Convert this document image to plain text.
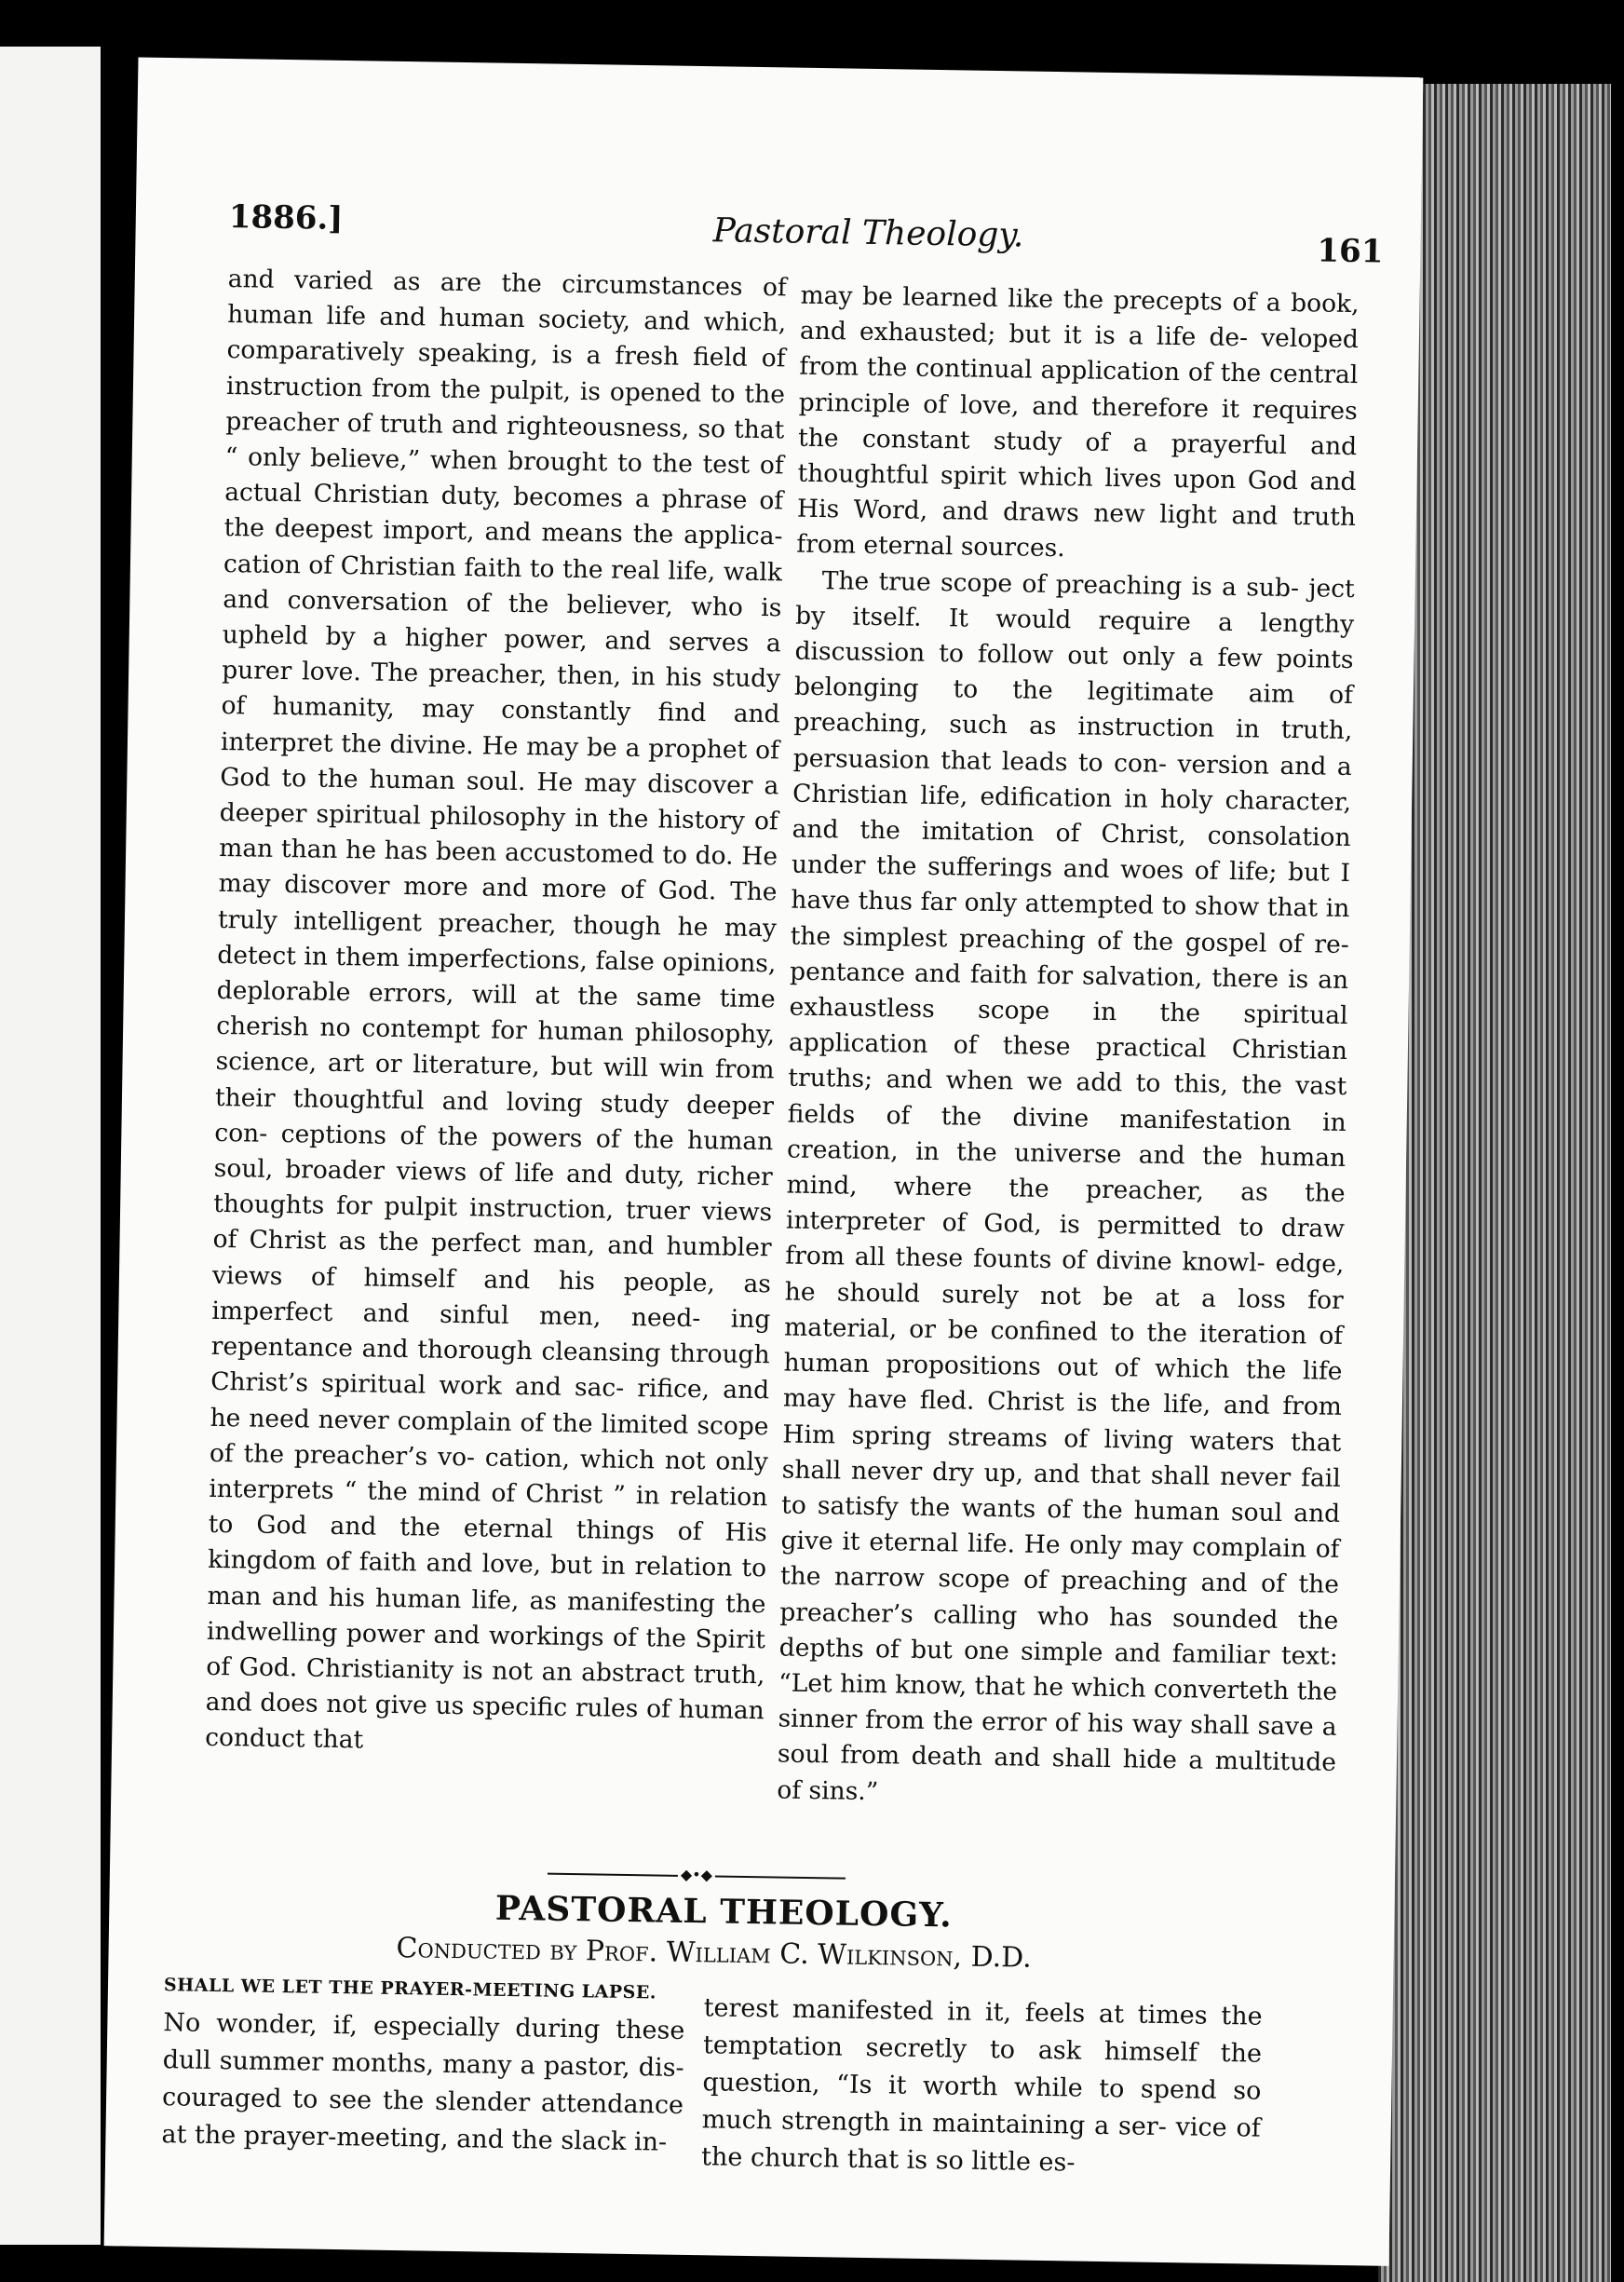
1886.]	Pastoral Theology.	161
and varied as are the circumstances of human life and human society, and which, comparatively speaking, is a fresh field of instruction from the pulpit, is opened to the preacher of truth and righteousness, so that “ only believe,” when brought to the test of actual Christian duty, becomes a phrase of the deepest import, and means the applica- cation of Christian faith to the real life, walk and conversation of the believer, who is upheld by a higher power, and serves a purer love. The preacher, then, in his study of humanity, may constantly find and interpret the divine. He may be a prophet of God to the human soul. He may discover a deeper spiritual philosophy in the history of man than he has been accustomed to do. He may discover more and more of God. The truly intelligent preacher, though he may detect in them imperfections, false opinions, deplorable errors, will at the same time cherish no contempt for human philosophy, science, art or literature, but will win from their thoughtful and loving study deeper con- ceptions of the powers of the human soul, broader views of life and duty, richer thoughts for pulpit instruction, truer views of Christ as the perfect man, and humbler views of himself and his people, as imperfect and sinful men, need- ing repentance and thorough cleansing through Christ’s spiritual work and sac- rifice, and he need never complain of the limited scope of the preacher’s vo- cation, which not only interprets “ the mind of Christ ” in relation to God and the eternal things of His kingdom of faith and love, but in relation to man and his human life, as manifesting the indwelling power and workings of the Spirit of God. Christianity is not an abstract truth, and does not give us specific rules of human conduct that

may be learned like the precepts of a book, and exhausted; but it is a life de- veloped from the continual application of the central principle of love, and therefore it requires the constant study of a prayerful and thoughtful spirit which lives upon God and His Word, and draws new light and truth from eternal sources.

The true scope of preaching is a sub- ject by itself. It would require a lengthy discussion to follow out only a few points belonging to the legitimate aim of preaching, such as instruction in truth, persuasion that leads to con- version and a Christian life, edification in holy character, and the imitation of Christ, consolation under the sufferings and woes of life; but I have thus far only attempted to show that in the simplest preaching of the gospel of re- pentance and faith for salvation, there is an exhaustless scope in the spiritual application of these practical Christian truths; and when we add to this, the vast fields of the divine manifestation in creation, in the universe and the human mind, where the preacher, as the interpreter of God, is permitted to draw from all these founts of divine knowl- edge, he should surely not be at a loss for material, or be confined to the iteration of human propositions out of which the life may have fled. Christ is the life, and from Him spring streams of living waters that shall never dry up, and that shall never fail to satisfy the wants of the human soul and give it eternal life. He only may complain of the narrow scope of preaching and of the preacher’s calling who has sounded the depths of but one simple and familiar text: “Let him know, that he which converteth the sinner from the error of his way shall save a soul from death and shall hide a multitude of sins.”

◆•◆
PASTORAL THEOLOGY.
Conducted by Prof. William C. Wilkinson, D.D.
SHALL WE LET THE PRAYER-MEETING LAPSE.
No wonder, if, especially during these dull summer months, many a pastor, dis- couraged to see the slender attendance at the prayer-meeting, and the slack in-
terest manifested in it, feels at times the temptation secretly to ask himself the question, “Is it worth while to spend so much strength in maintaining a ser- vice of the church that is so little es-
